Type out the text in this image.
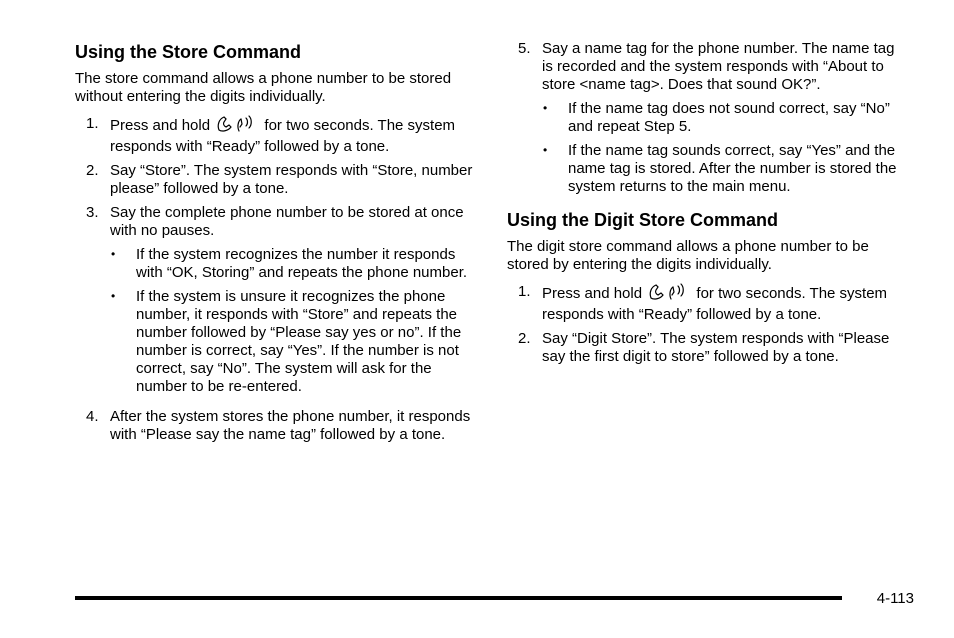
Using the Store Command
The store command allows a phone number to be stored without entering the digits individually.
1. Press and hold	for two seconds. The system responds with “Ready” followed by a tone.
2. Say “Store”. The system responds with “Store, number please” followed by a tone.
3. Say the complete phone number to be stored at once with no pauses.
•	If the system recognizes the number it responds with “OK, Storing” and repeats the phone number.
•	If the system is unsure it recognizes the phone number, it responds with “Store” and repeats the number followed by “Please say yes or no”. If the number is correct, say “Yes”. If the number is not correct, say “No”. The system will ask for the number to be re-entered.
4. After the system stores the phone number, it responds with “Please say the name tag” followed by a tone.
5. Say a name tag for the phone number. The name tag is recorded and the system responds with “About to store <name tag>. Does that sound OK?”.
•	If the name tag does not sound correct, say “No” and repeat Step 5.
•	If the name tag sounds correct, say “Yes” and the name tag is stored. After the number is stored the system returns to the main menu.
Using the Digit Store Command
The digit store command allows a phone number to be stored by entering the digits individually.
1. Press and hold	for two seconds. The system responds with “Ready” followed by a tone.
2. Say “Digit Store”. The system responds with “Please say the first digit to store” followed by a tone.
4-113
